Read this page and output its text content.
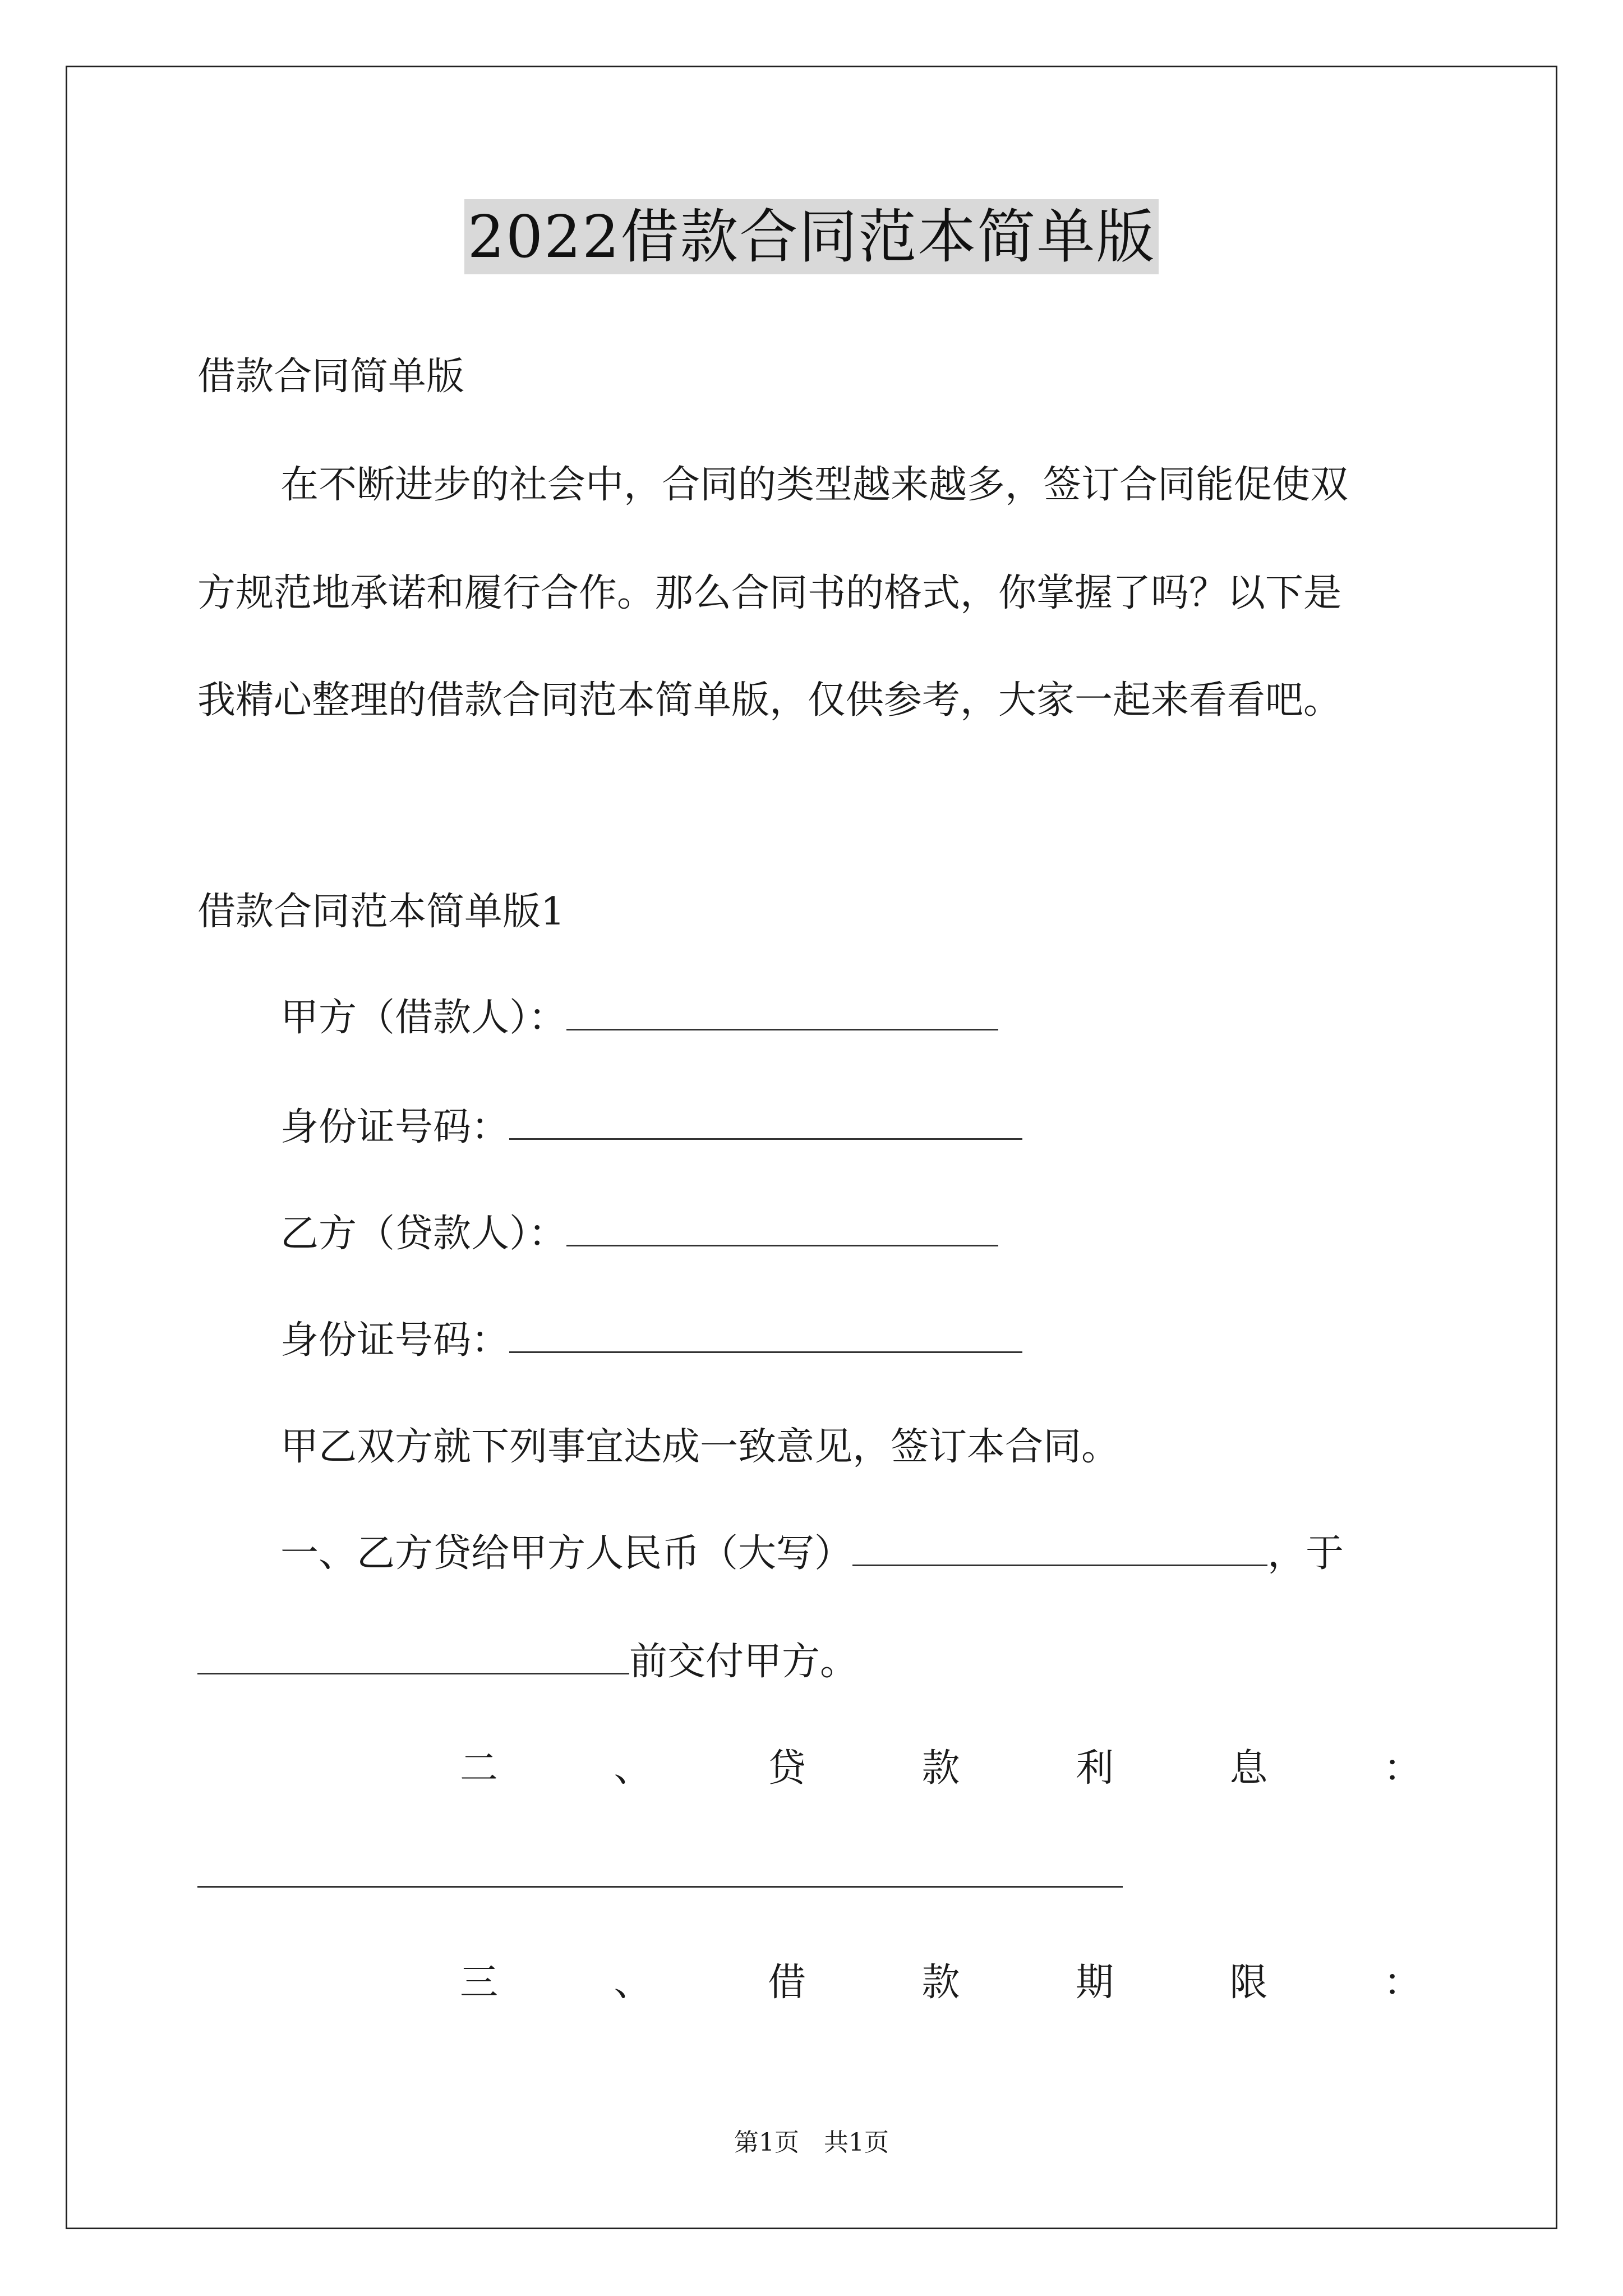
2022借款合同范本简单版
借款合同简单版
在不断进步的社会中，合同的类型越来越多，签订合同能促使双
方规范地承诺和履行合作。那么合同书的格式，你掌握了吗？以下是
我精心整理的借款合同范本简单版，仅供参考，大家一起来看看吧。
借款合同范本简单版1
甲方（借款人）：
身份证号码：
乙方（贷款人）：
身份证号码：
甲乙双方就下列事宜达成一致意见，签订本合同。
一、乙方贷给甲方人民币（大写）	，于
前交付甲方。
二	、	贷	款	利	息	：
三	、	借	款	期	限	：
第1页　共1页
